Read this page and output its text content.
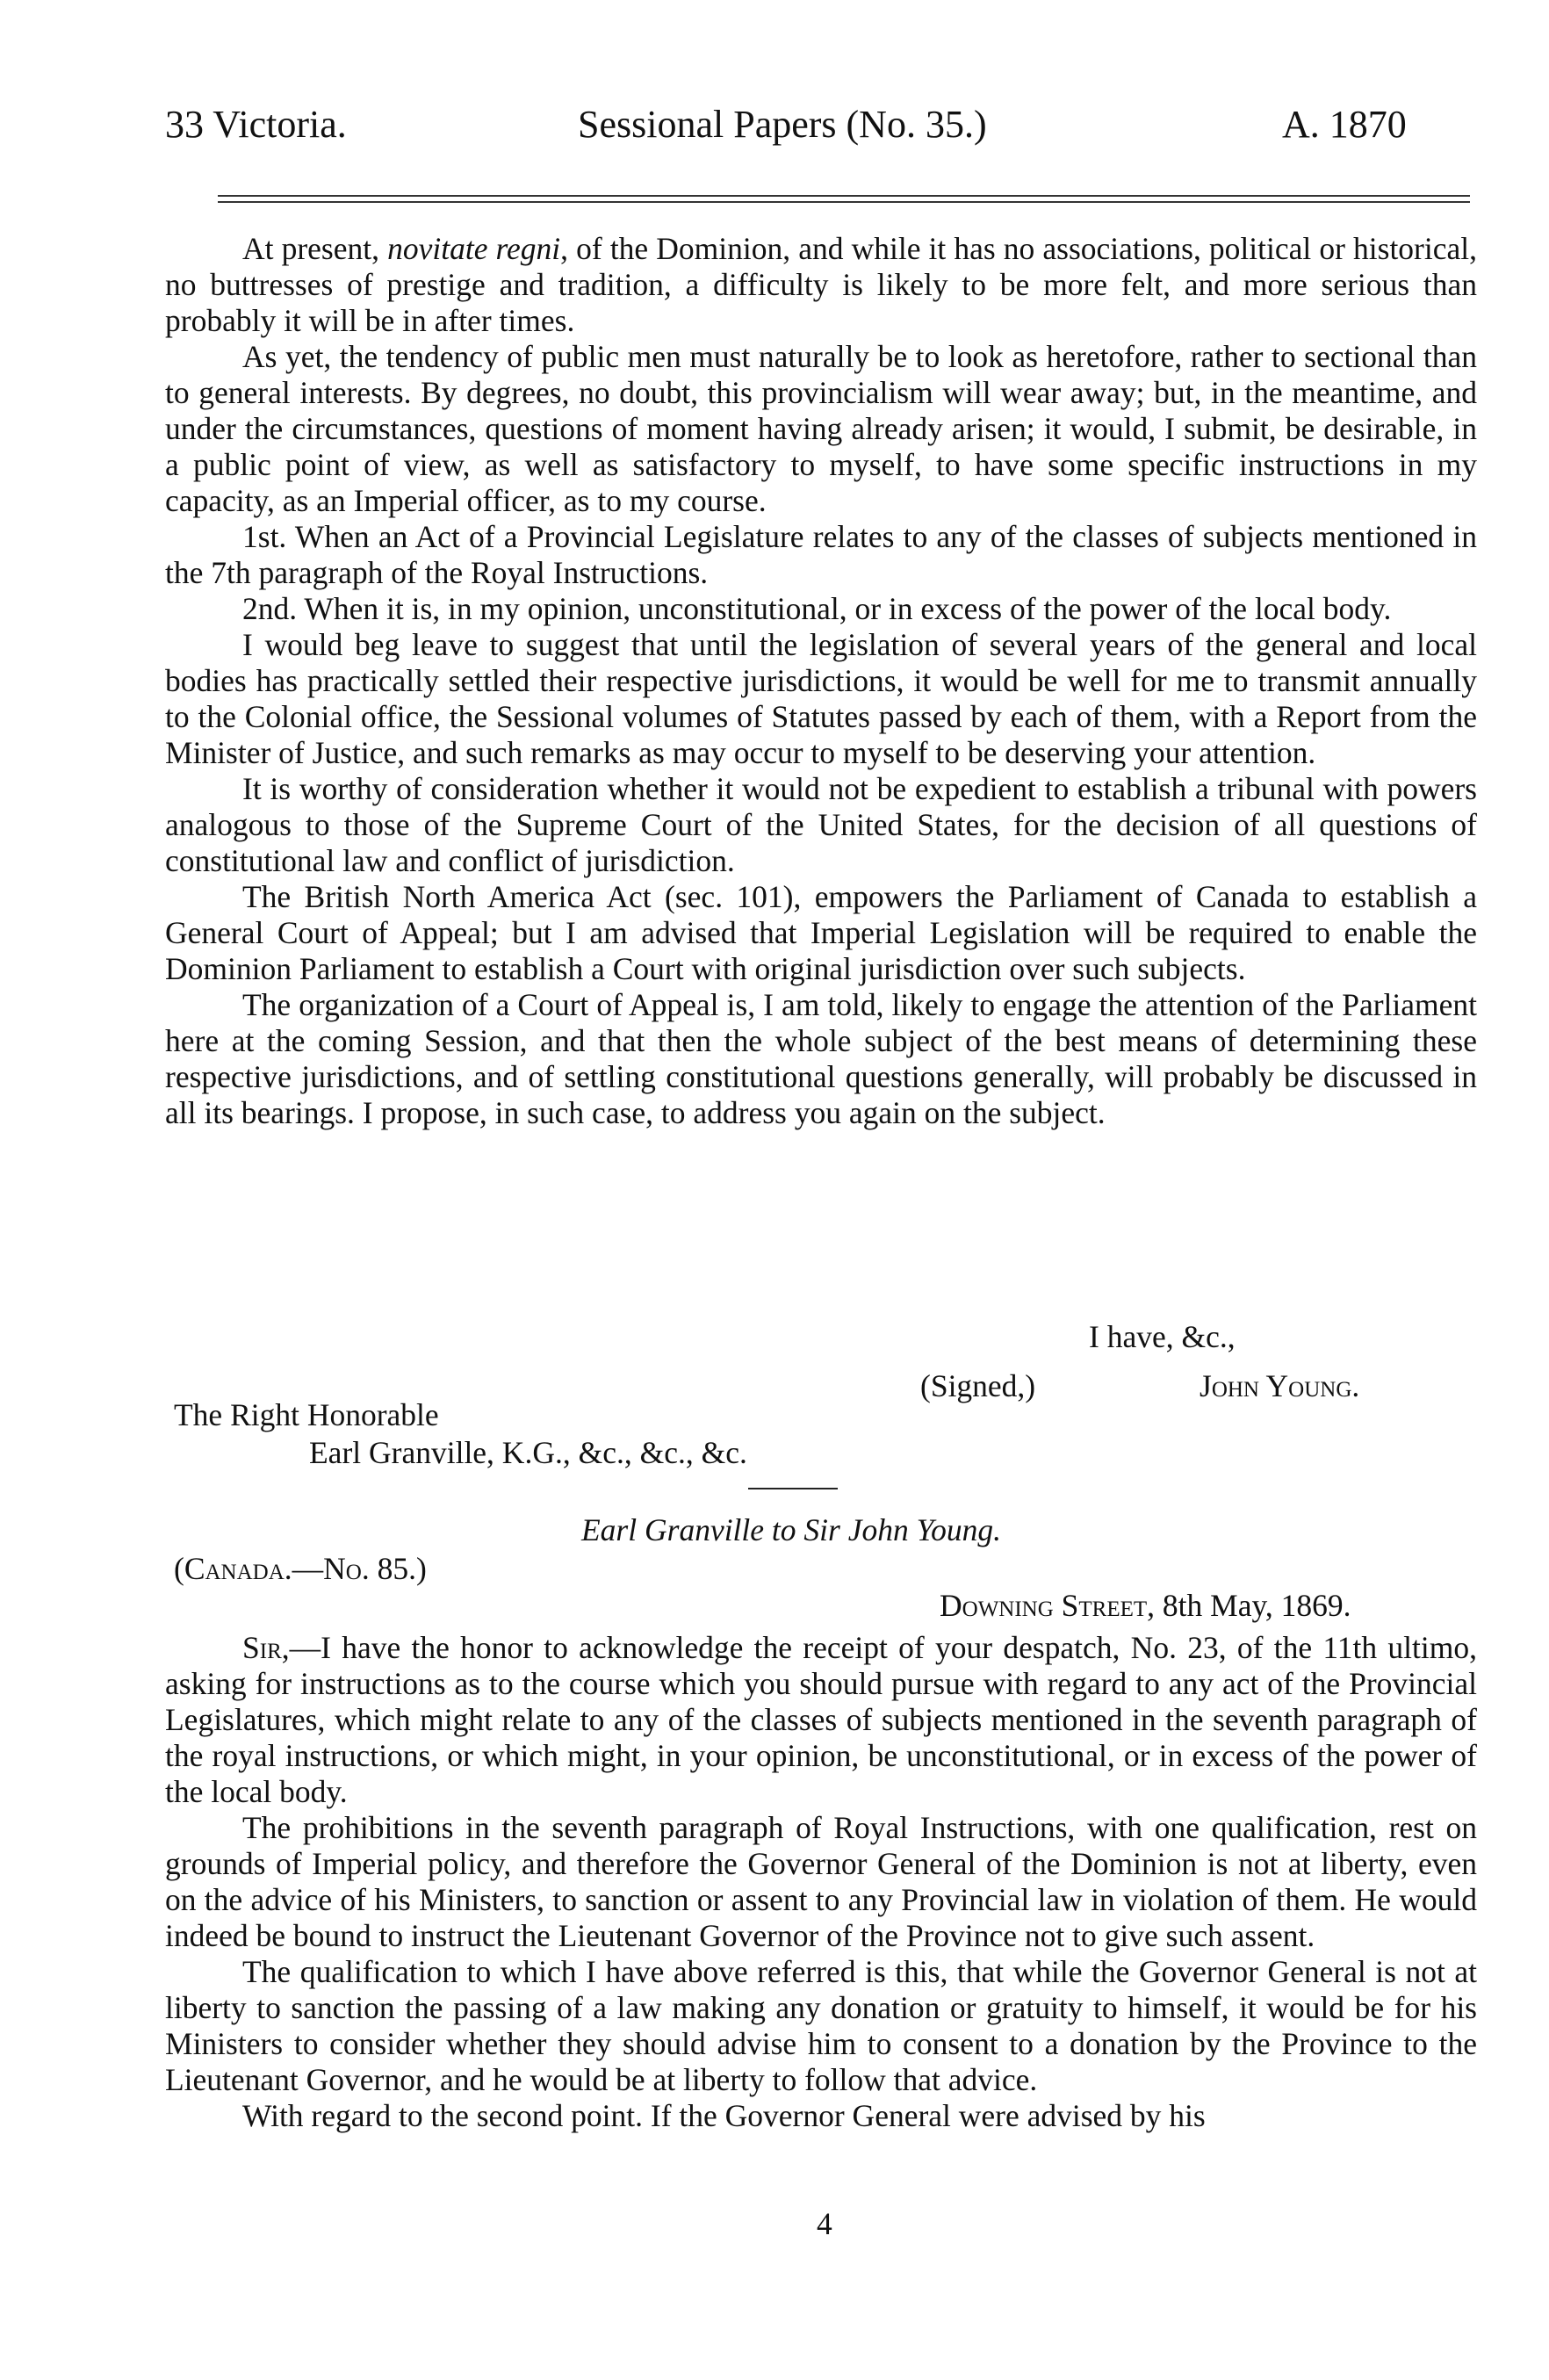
33 Victoria.	Sessional Papers (No. 35.)	A. 1870

At present, novitate regni, of the Dominion, and while it has no associations, political or historical, no buttresses of prestige and tradition, a difficulty is likely to be more felt, and more serious than probably it will be in after times.

As yet, the tendency of public men must naturally be to look as heretofore, rather to sectional than to general interests. By degrees, no doubt, this provincialism will wear away; but, in the meantime, and under the circumstances, questions of moment having already arisen; it would, I submit, be desirable, in a public point of view, as well as satisfactory to myself, to have some specific instructions in my capacity, as an Imperial officer, as to my course.

1st. When an Act of a Provincial Legislature relates to any of the classes of subjects mentioned in the 7th paragraph of the Royal Instructions.

2nd. When it is, in my opinion, unconstitutional, or in excess of the power of the local body.

I would beg leave to suggest that until the legislation of several years of the general and local bodies has practically settled their respective jurisdictions, it would be well for me to transmit annually to the Colonial office, the Sessional volumes of Statutes passed by each of them, with a Report from the Minister of Justice, and such remarks as may occur to myself to be deserving your attention.

It is worthy of consideration whether it would not be expedient to establish a tribunal with powers analogous to those of the Supreme Court of the United States, for the decision of all questions of constitutional law and conflict of jurisdiction.

The British North America Act (sec. 101), empowers the Parliament of Canada to establish a General Court of Appeal; but I am advised that Imperial Legislation will be required to enable the Dominion Parliament to establish a Court with original jurisdiction over such subjects.

The organization of a Court of Appeal is, I am told, likely to engage the attention of the Parliament here at the coming Session, and that then the whole subject of the best means of determining these respective jurisdictions, and of settling constitutional questions generally, will probably be discussed in all its bearings. I propose, in such case, to address you again on the subject.

I have, &c.,
(Signed,)	John Young.
The Right Honorable
Earl Granville, K.G., &c., &c., &c.
Earl Granville to Sir John Young.
(Canada.—No. 85.)
Downing Street, 8th May, 1869.

Sir,—I have the honor to acknowledge the receipt of your despatch, No. 23, of the 11th ultimo, asking for instructions as to the course which you should pursue with regard to any act of the Provincial Legislatures, which might relate to any of the classes of subjects mentioned in the seventh paragraph of the royal instructions, or which might, in your opinion, be unconstitutional, or in excess of the power of the local body.

The prohibitions in the seventh paragraph of Royal Instructions, with one qualification, rest on grounds of Imperial policy, and therefore the Governor General of the Dominion is not at liberty, even on the advice of his Ministers, to sanction or assent to any Provincial law in violation of them. He would indeed be bound to instruct the Lieutenant Governor of the Province not to give such assent.

The qualification to which I have above referred is this, that while the Governor General is not at liberty to sanction the passing of a law making any donation or gratuity to himself, it would be for his Ministers to consider whether they should advise him to consent to a donation by the Province to the Lieutenant Governor, and he would be at liberty to follow that advice.

With regard to the second point. If the Governor General were advised by his

4
